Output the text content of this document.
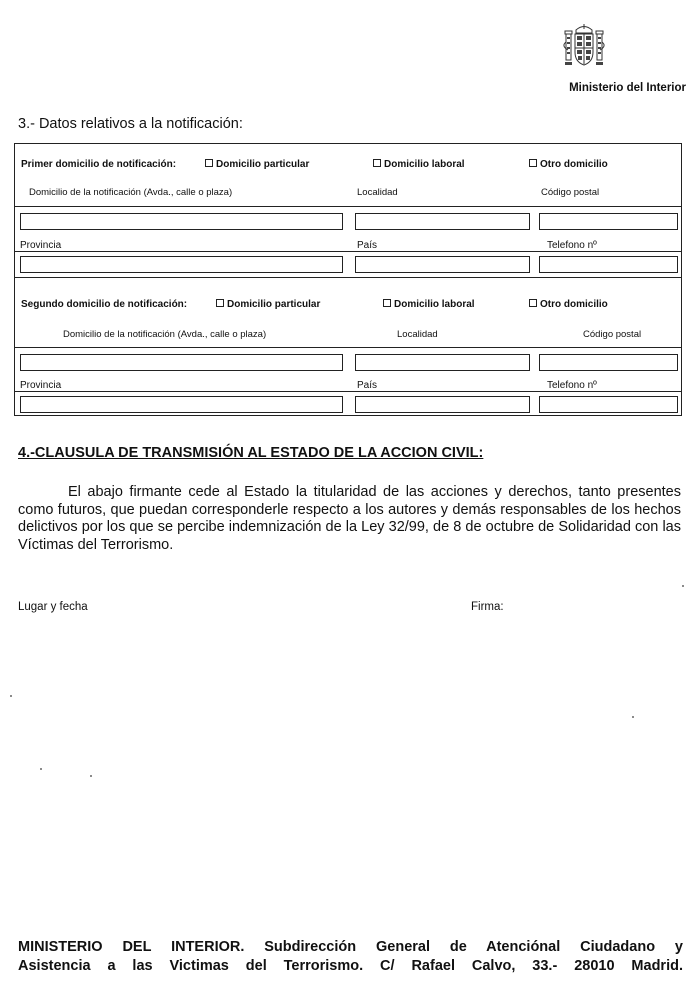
Ministerio del Interior
3.- Datos relativos a la notificación:
Primer domicilio de notificación:	Domicilio particular	Domicilio laboral	Otro domicilio
Domicilio de la notificación (Avda., calle o plaza)	Localidad	Código postal
Provincia	País	Telefono nº
Segundo domicilio de notificación:	Domicilio particular	Domicilio laboral	Otro domicilio
Domicilio de la notificación (Avda., calle o plaza)	Localidad	Código postal
Provincia	País	Telefono nº
4.-CLAUSULA DE TRANSMISIÓN AL ESTADO DE LA ACCION CIVIL:
El abajo firmante cede al Estado la titularidad de las acciones y derechos, tanto presentes como futuros, que puedan corresponderle respecto a los autores y demás responsables de los hechos delictivos por los que se percibe indemnización de la Ley 32/99, de 8 de octubre de Solidaridad con las Víctimas del Terrorismo.
Lugar y fecha	Firma:
MINISTERIO DEL INTERIOR. Subdirección General de Atenciónal Ciudadano y
Asistencia a las Victimas del Terrorismo. C/ Rafael Calvo, 33.- 28010 Madrid.
